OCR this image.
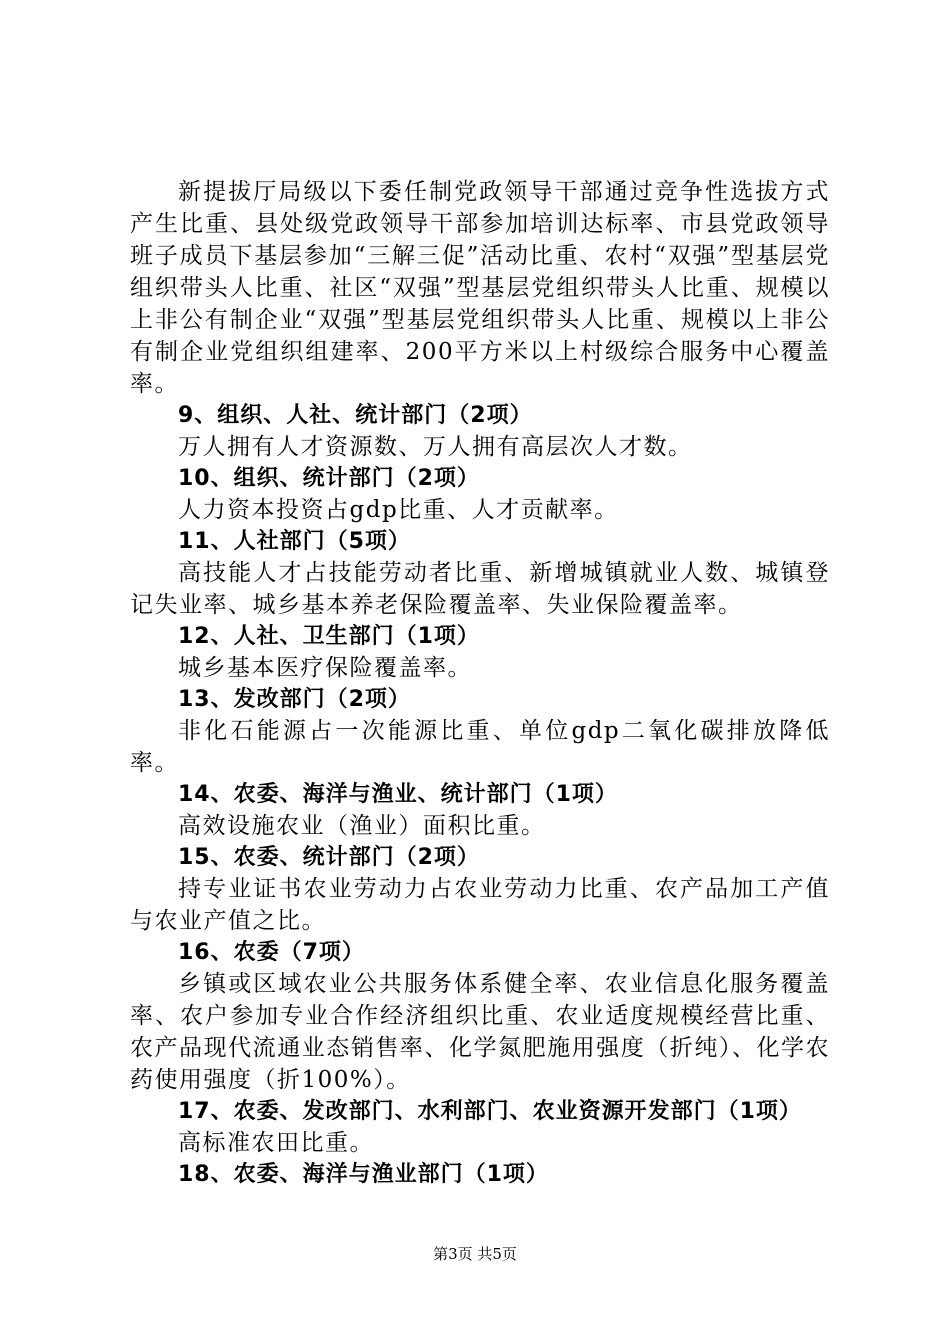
新提拔厅局级以下委任制党政领导干部通过竞争性选拔方式产生比重、县处级党政领导干部参加培训达标率、市县党政领导班子成员下基层参加“三解三促”活动比重、农村“双强”型基层党组织带头人比重、社区“双强”型基层党组织带头人比重、规模以上非公有制企业“双强”型基层党组织带头人比重、规模以上非公有制企业党组织组建率、200平方米以上村级综合服务中心覆盖率。

9、组织、人社、统计部门（2项）

万人拥有人才资源数、万人拥有高层次人才数。

10、组织、统计部门（2项）

人力资本投资占gdp比重、人才贡献率。

11、人社部门（5项）

高技能人才占技能劳动者比重、新增城镇就业人数、城镇登记失业率、城乡基本养老保险覆盖率、失业保险覆盖率。

12、人社、卫生部门（1项）

城乡基本医疗保险覆盖率。

13、发改部门（2项）

非化石能源占一次能源比重、单位gdp二氧化碳排放降低率。

14、农委、海洋与渔业、统计部门（1项）

高效设施农业（渔业）面积比重。

15、农委、统计部门（2项）

持专业证书农业劳动力占农业劳动力比重、农产品加工产值与农业产值之比。

16、农委（7项）

乡镇或区域农业公共服务体系健全率、农业信息化服务覆盖率、农户参加专业合作经济组织比重、农业适度规模经营比重、农产品现代流通业态销售率、化学氮肥施用强度（折纯）、化学农药使用强度（折100%）。

17、农委、发改部门、水利部门、农业资源开发部门（1项）

高标准农田比重。

18、农委、海洋与渔业部门（1项）

第3页 共5页
